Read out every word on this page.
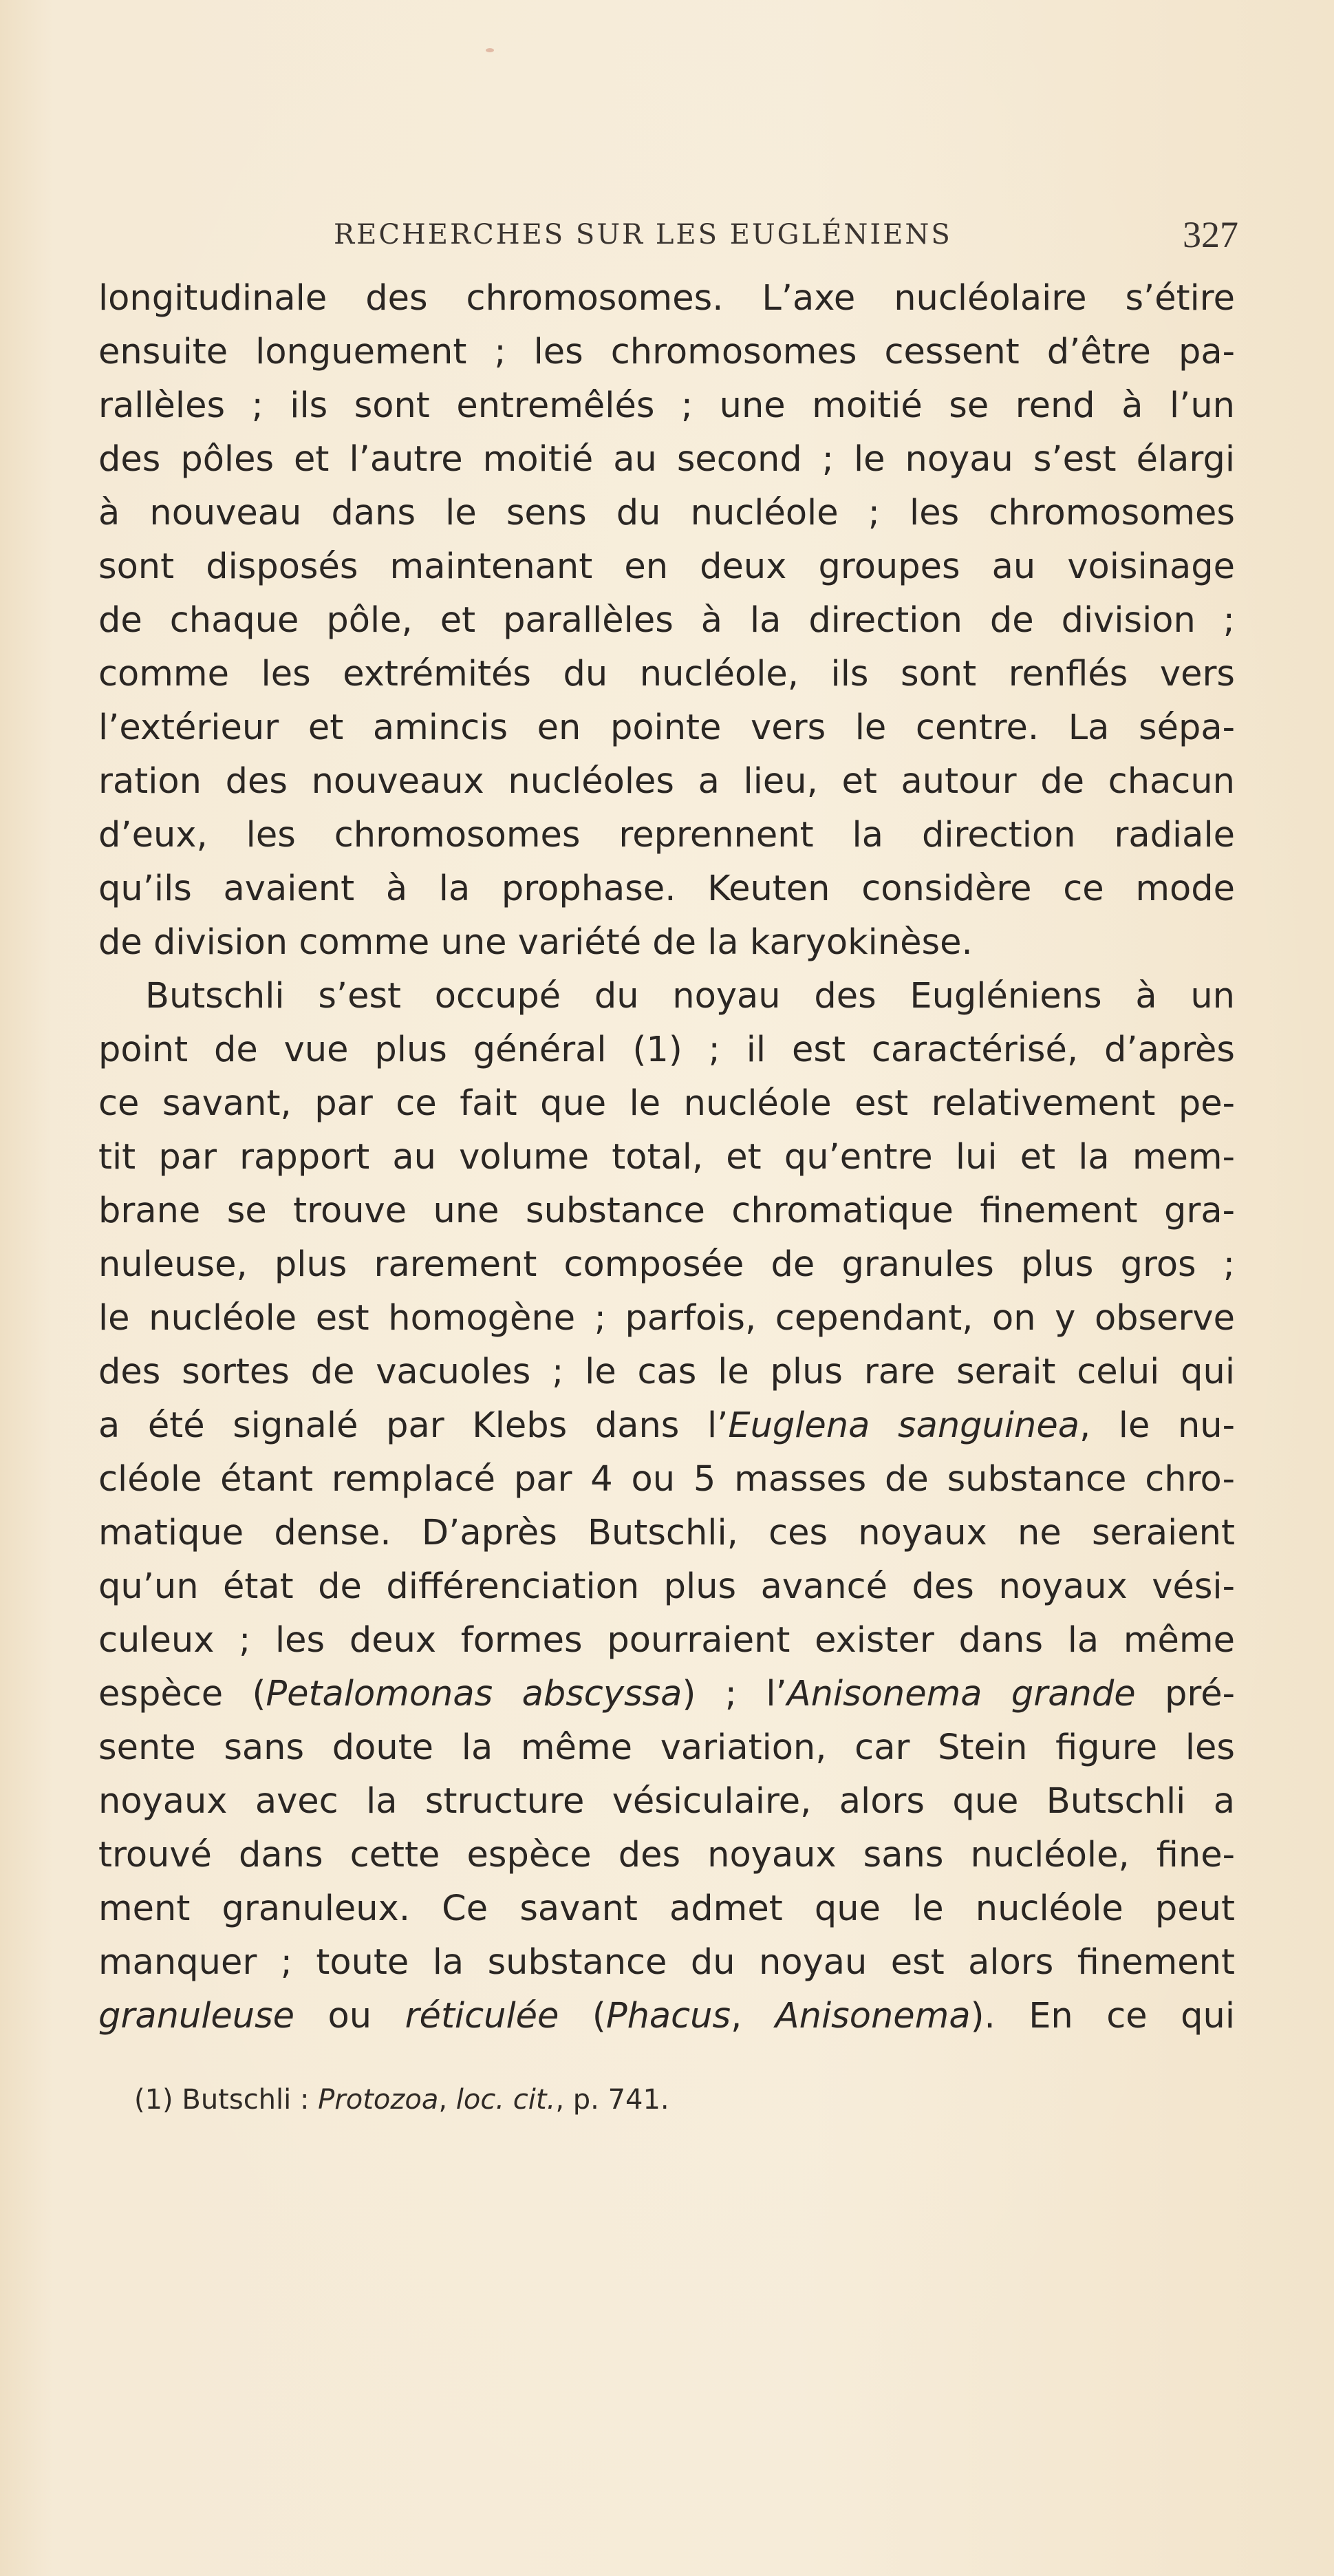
RECHERCHES SUR LES EUGLÉNIENS	327
longitudinale des chromosomes. L’axe nucléolaire s’étire
ensuite longuement ; les chromosomes cessent d’être pa-
rallèles ; ils sont entremêlés ; une moitié se rend à l’un
des pôles et l’autre moitié au second ; le noyau s’est élargi
à nouveau dans le sens du nucléole ; les chromosomes
sont disposés maintenant en deux groupes au voisinage
de chaque pôle, et parallèles à la direction de division ;
comme les extrémités du nucléole, ils sont renflés vers
l’extérieur et amincis en pointe vers le centre. La sépa-
ration des nouveaux nucléoles a lieu, et autour de chacun
d’eux, les chromosomes reprennent la direction radiale
qu’ils avaient à la prophase. Keuten considère ce mode
de division comme une variété de la karyokinèse.
Butschli s’est occupé du noyau des Eugléniens à un
point de vue plus général (1) ; il est caractérisé, d’après
ce savant, par ce fait que le nucléole est relativement pe-
tit par rapport au volume total, et qu’entre lui et la mem-
brane se trouve une substance chromatique finement gra-
nuleuse, plus rarement composée de granules plus gros ;
le nucléole est homogène ; parfois, cependant, on y observe
des sortes de vacuoles ; le cas le plus rare serait celui qui
a été signalé par Klebs dans l’Euglena sanguinea, le nu-
cléole étant remplacé par 4 ou 5 masses de substance chro-
matique dense. D’après Butschli, ces noyaux ne seraient
qu’un état de différenciation plus avancé des noyaux vési-
culeux ; les deux formes pourraient exister dans la même
espèce (Petalomonas abscyssa) ; l’Anisonema grande pré-
sente sans doute la même variation, car Stein figure les
noyaux avec la structure vésiculaire, alors que Butschli a
trouvé dans cette espèce des noyaux sans nucléole, fine-
ment granuleux. Ce savant admet que le nucléole peut
manquer ; toute la substance du noyau est alors finement
granuleuse ou réticulée (Phacus, Anisonema). En ce qui
(1) Butschli : Protozoa, loc. cit., p. 741.
